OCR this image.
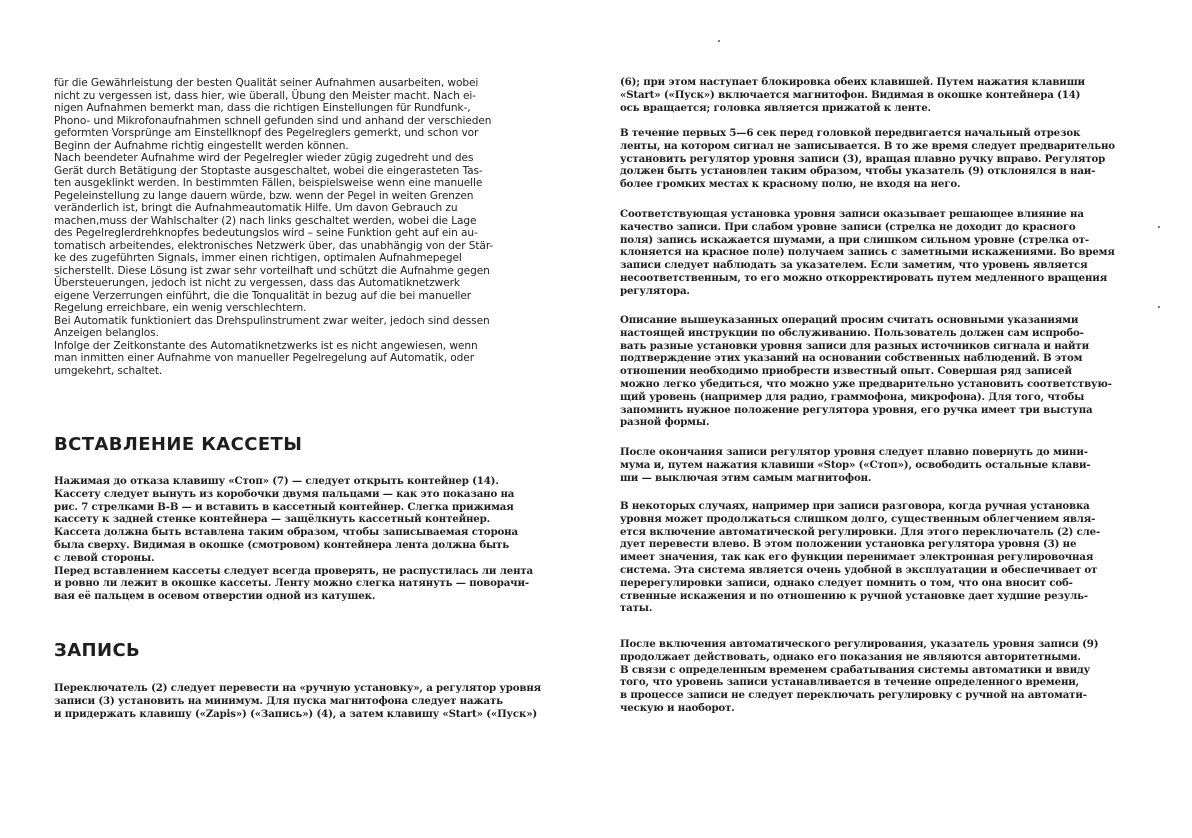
für die Gewährleistung der besten Qualität seiner Aufnahmen ausarbeiten, wobei
nicht zu vergessen ist, dass hier, wie überall, Übung den Meister macht. Nach ei-
nigen Aufnahmen bemerkt man, dass die richtigen Einstellungen für Rundfunk-,
Phono- und Mikrofonaufnahmen schnell gefunden sind und anhand der verschieden
geformten Vorsprünge am Einstellknopf des Pegelreglers gemerkt, und schon vor
Beginn der Aufnahme richtig eingestellt werden können.
Nach beendeter Aufnahme wird der Pegelregler wieder zügig zugedreht und des
Gerät durch Betätigung der Stoptaste ausgeschaltet, wobei die eingerasteten Tas-
ten ausgeklinkt werden. In bestimmten Fällen, beispielsweise wenn eine manuelle
Pegeleinstellung zu lange dauern würde, bzw. wenn der Pegel in weiten Grenzen
veränderlich ist, bringt die Aufnahmeautomatik Hilfe. Um davon Gebrauch zu
machen,muss der Wahlschalter (2) nach links geschaltet werden, wobei die Lage
des Pegelreglerdrehknopfes bedeutungslos wird – seine Funktion geht auf ein au-
tomatisch arbeitendes, elektronisches Netzwerk über, das unabhängig von der Stär-
ke des zugeführten Signals, immer einen richtigen, optimalen Aufnahmepegel
sicherstellt. Diese Lösung ist zwar sehr vorteilhaft und schützt die Aufnahme gegen
Übersteuerungen, jedoch ist nicht zu vergessen, dass das Automatiknetzwerk
eigene Verzerrungen einführt, die die Tonqualität in bezug auf die bei manueller
Regelung erreichbare, ein wenig verschlechtern.
Bei Automatik funktioniert das Drehspulinstrument zwar weiter, jedoch sind dessen
Anzeigen belanglos.
Infolge der Zeitkonstante des Automatiknetzwerks ist es nicht angewiesen, wenn
man inmitten einer Aufnahme von manueller Pegelregelung auf Automatik, oder
umgekehrt, schaltet.

ВСТАВЛЕНИЕ КАССЕТЫ

Нажимая до отказа клавишу «Стоп» (7) — следует открыть контейнер (14).
Кассету следует вынуть из коробочки двумя пальцами — как это показано на
рис. 7 стрелками В-В — и вставить в кассетный контейнер. Слегка прижимая
кассету к задней стенке контейнера — защёлкнуть кассетный контейнер.
Кассета должна быть вставлена таким образом, чтобы записываемая сторона
была сверху. Видимая в окошке (смотровом) контейнера лента должна быть
с левой стороны.
Перед вставлением кассеты следует всегда проверять, не распустилась ли лента
и ровно ли лежит в окошке кассеты. Ленту можно слегка натянуть — поворачи-
вая её пальцем в осевом отверстии одной из катушек.

ЗАПИСЬ

Переключатель (2) следует перевести на «ручную установку», а регулятор уровня
записи (3) установить на минимум. Для пуска магнитофона следует нажать
и придержать клавишу («Zapis») («Запись») (4), а затем клавишу «Start» («Пуск»)

(6); при этом наступает блокировка обеих клавишей. Путем нажатия клавиши
«Start» («Пуск») включается магнитофон. Видимая в окошке контейнера (14)
ось вращается; головка является прижатой к ленте.

В течение первых 5—6 сек перед головкой передвигается начальный отрезок
ленты, на котором сигнал не записывается. В то же время следует предварительно
установить регулятор уровня записи (3), вращая плавно ручку вправо. Регулятор
должен быть установлен таким образом, чтобы указатель (9) отклонялся в наи-
более громких местах к красному полю, не входя на него.

Соответствующая установка уровня записи оказывает решающее влияние на
качество записи. При слабом уровне записи (стрелка не доходит до красного
поля) запись искажается шумами, а при слишком сильном уровне (стрелка от-
клоняется на красное поле) получаем запись с заметными искажениями. Во время
записи следует наблюдать за указателем. Если заметим, что уровень является
несоответственным, то его можно откорректировать путем медленного вращения
регулятора.

Описание вышеуказанных операций просим считать основными указаниями
настоящей инструкции по обслуживанию. Пользователь должен сам испробо-
вать разные установки уровня записи для разных источников сигнала и найти
подтверждение этих указаний на основании собственных наблюдений. В этом
отношении необходимо приобрести известный опыт. Совершая ряд записей
можно легко убедиться, что можно уже предварительно установить соответствую-
щий уровень (например для радио, граммофона, микрофона). Для того, чтобы
запомнить нужное положение регулятора уровня, его ручка имеет три выступа
разной формы.

После окончания записи регулятор уровня следует плавно повернуть до мини-
мума и, путем нажатия клавиши «Stop» («Стоп»), освободить остальные клави-
ши — выключая этим самым магнитофон.

В некоторых случаях, например при записи разговора, когда ручная установка
уровня может продолжаться слишком долго, существенным облегчением явля-
ется включение автоматической регулировки. Для этого переключатель (2) сле-
дует перевести влево. В этом положении установка регулятора уровня (3) не
имеет значения, так как его функции перенимает электронная регулировочная
система. Эта система является очень удобной в эксплуатации и обеспечивает от
перерегулировки записи, однако следует помнить о том, что она вносит соб-
ственные искажения и по отношению к ручной установке дает худшие резуль-
таты.

После включения автоматического регулирования, указатель уровня записи (9)
продолжает действовать, однако его показания не являются авторитетными.
В связи с определенным временем срабатывания системы автоматики и ввиду
того, что уровень записи устанавливается в течение определенного времени,
в процессе записи не следует переключать регулировку с ручной на автомати-
ческую и наоборот.
